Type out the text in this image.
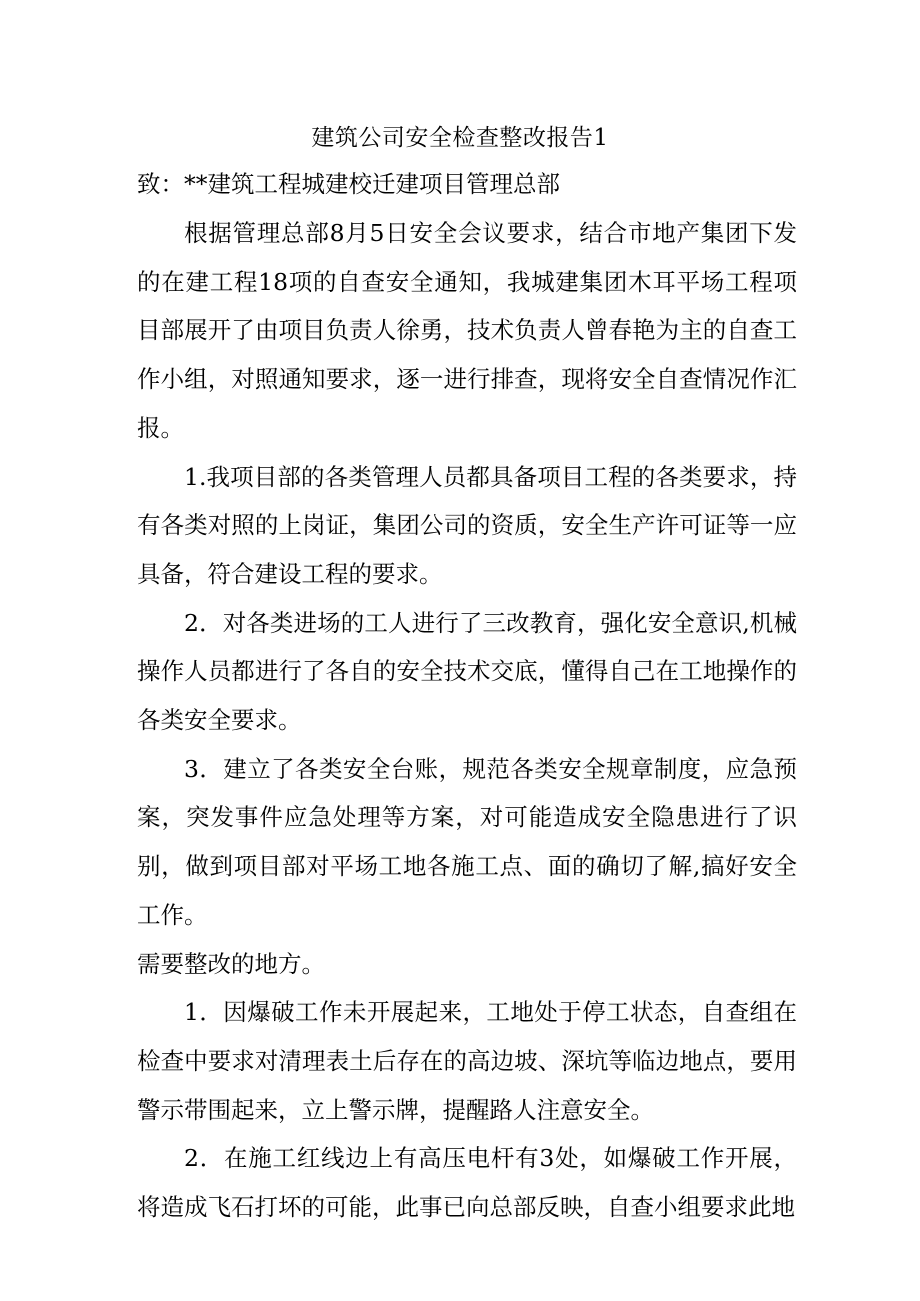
建筑公司安全检查整改报告1
致：**建筑工程城建校迁建项目管理总部

根据管理总部8月5日安全会议要求，结合市地产集团下发的在建工程18项的自查安全通知，我城建集团木耳平场工程项目部展开了由项目负责人徐勇，技术负责人曾春艳为主的自查工作小组，对照通知要求，逐一进行排查，现将安全自查情况作汇报。

1.我项目部的各类管理人员都具备项目工程的各类要求，持有各类对照的上岗证，集团公司的资质，安全生产许可证等一应具备，符合建设工程的要求。

2．对各类进场的工人进行了三改教育，强化安全意识,机械操作人员都进行了各自的安全技术交底，懂得自己在工地操作的各类安全要求。

3．建立了各类安全台账，规范各类安全规章制度，应急预案，突发事件应急处理等方案，对可能造成安全隐患进行了识别，做到项目部对平场工地各施工点、面的确切了解,搞好安全工作。

需要整改的地方。

1．因爆破工作未开展起来，工地处于停工状态，自查组在检查中要求对清理表土后存在的高边坡、深坑等临边地点，要用警示带围起来，立上警示牌，提醒路人注意安全。

2．在施工红线边上有高压电杆有3处，如爆破工作开展，将造成飞石打坏的可能，此事已向总部反映，自查小组要求此地
